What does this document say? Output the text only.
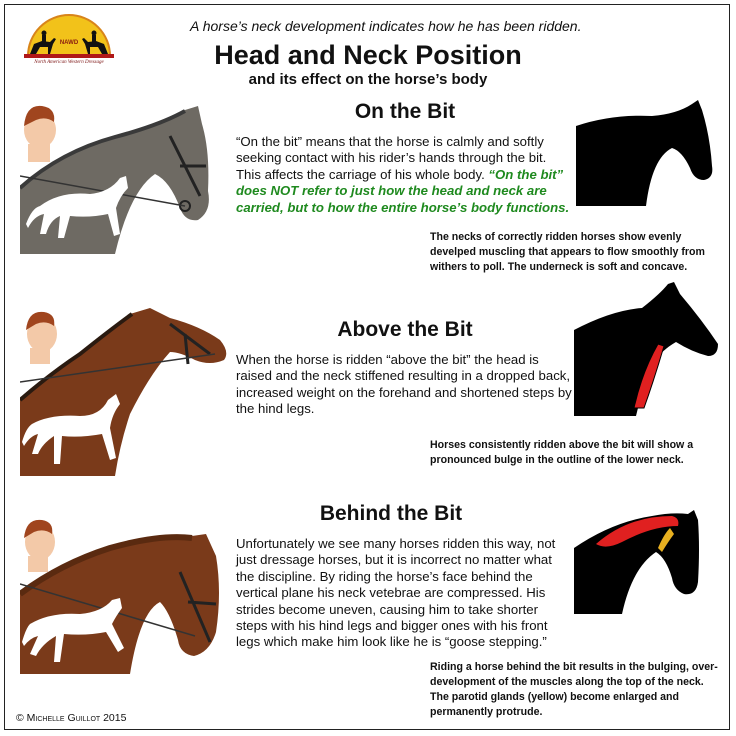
NAWD
North American Western Dressage
A horse’s neck development indicates how he has been ridden.
Head and Neck Position
and its effect on the horse’s body
On the Bit
“On the bit” means that the horse is calmly and softly seeking contact with his rider’s hands through the bit. This affects the carriage of his whole body. “On the bit” does NOT refer to just how the head and neck are carried, but to how the entire horse’s body functions.
The necks of correctly ridden horses show evenly develped muscling that appears to flow smoothly from withers to poll. The underneck is soft and concave.
Above the Bit
When the horse is ridden “above the bit” the head is raised and the neck stiffened resulting in a dropped back, increased weight on the forehand and shortened steps by the hind legs.
Horses consistently ridden above the bit will show a pronounced bulge in the outline of the lower neck.
Behind the Bit
Unfortunately we see many horses ridden this way, not just dressage horses, but it is incorrect no matter what the discipline. By riding the horse’s face behind the vertical plane his neck vetebrae are compressed. His strides become uneven, causing him to take shorter steps with his hind legs and bigger ones with his front legs which make him look like he is “goose stepping.”
Riding a horse behind the bit results in the bulging, over-development of the muscles along the top of the neck. The parotid glands (yellow) become enlarged and permanently protrude.
© Michelle Guillot 2015
